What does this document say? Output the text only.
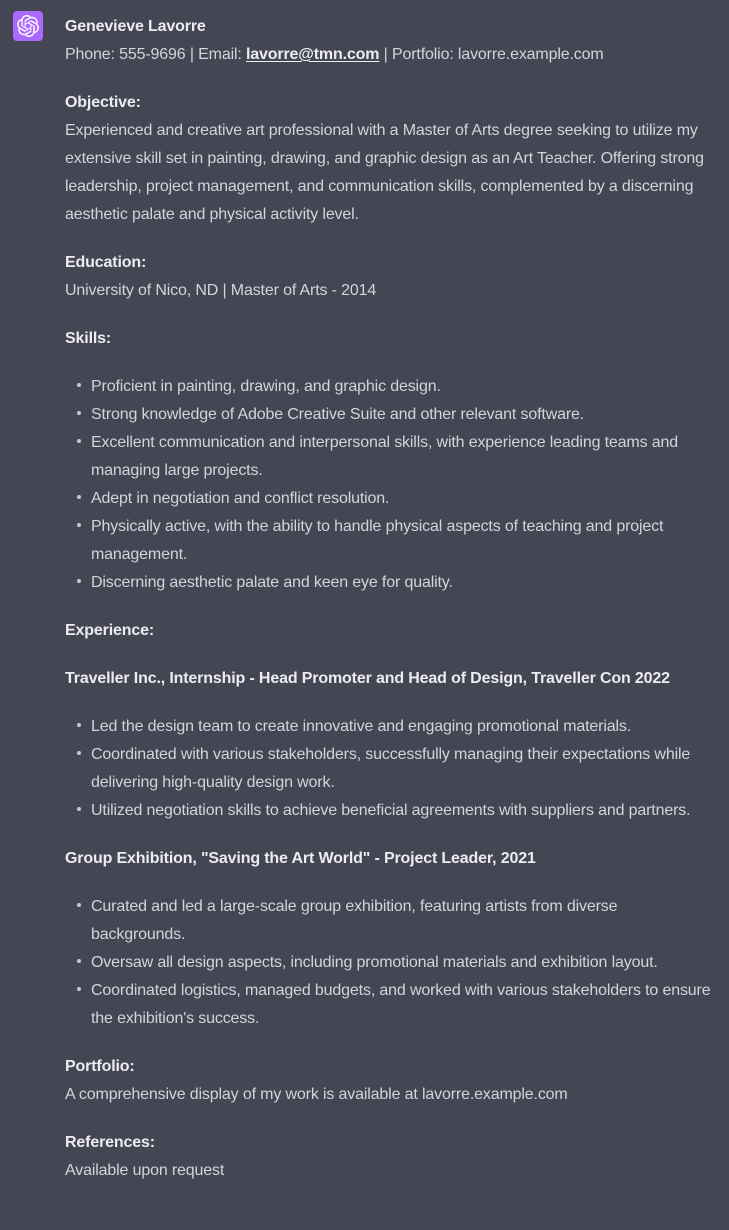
Genevieve Lavorre
Phone: 555-9696 | Email: lavorre@tmn.com | Portfolio: lavorre.example.com

Objective:
Experienced and creative art professional with a Master of Arts degree seeking to utilize my extensive skill set in painting, drawing, and graphic design as an Art Teacher. Offering strong leadership, project management, and communication skills, complemented by a discerning aesthetic palate and physical activity level.

Education:
University of Nico, ND | Master of Arts - 2014

Skills:

Proficient in painting, drawing, and graphic design.
Strong knowledge of Adobe Creative Suite and other relevant software.
Excellent communication and interpersonal skills, with experience leading teams and managing large projects.
Adept in negotiation and conflict resolution.
Physically active, with the ability to handle physical aspects of teaching and project management.
Discerning aesthetic palate and keen eye for quality.

Experience:

Traveller Inc., Internship - Head Promoter and Head of Design, Traveller Con 2022

Led the design team to create innovative and engaging promotional materials.
Coordinated with various stakeholders, successfully managing their expectations while delivering high-quality design work.
Utilized negotiation skills to achieve beneficial agreements with suppliers and partners.

Group Exhibition, "Saving the Art World" - Project Leader, 2021

Curated and led a large-scale group exhibition, featuring artists from diverse backgrounds.
Oversaw all design aspects, including promotional materials and exhibition layout.
Coordinated logistics, managed budgets, and worked with various stakeholders to ensure the exhibition's success.

Portfolio:
A comprehensive display of my work is available at lavorre.example.com

References:
Available upon request
